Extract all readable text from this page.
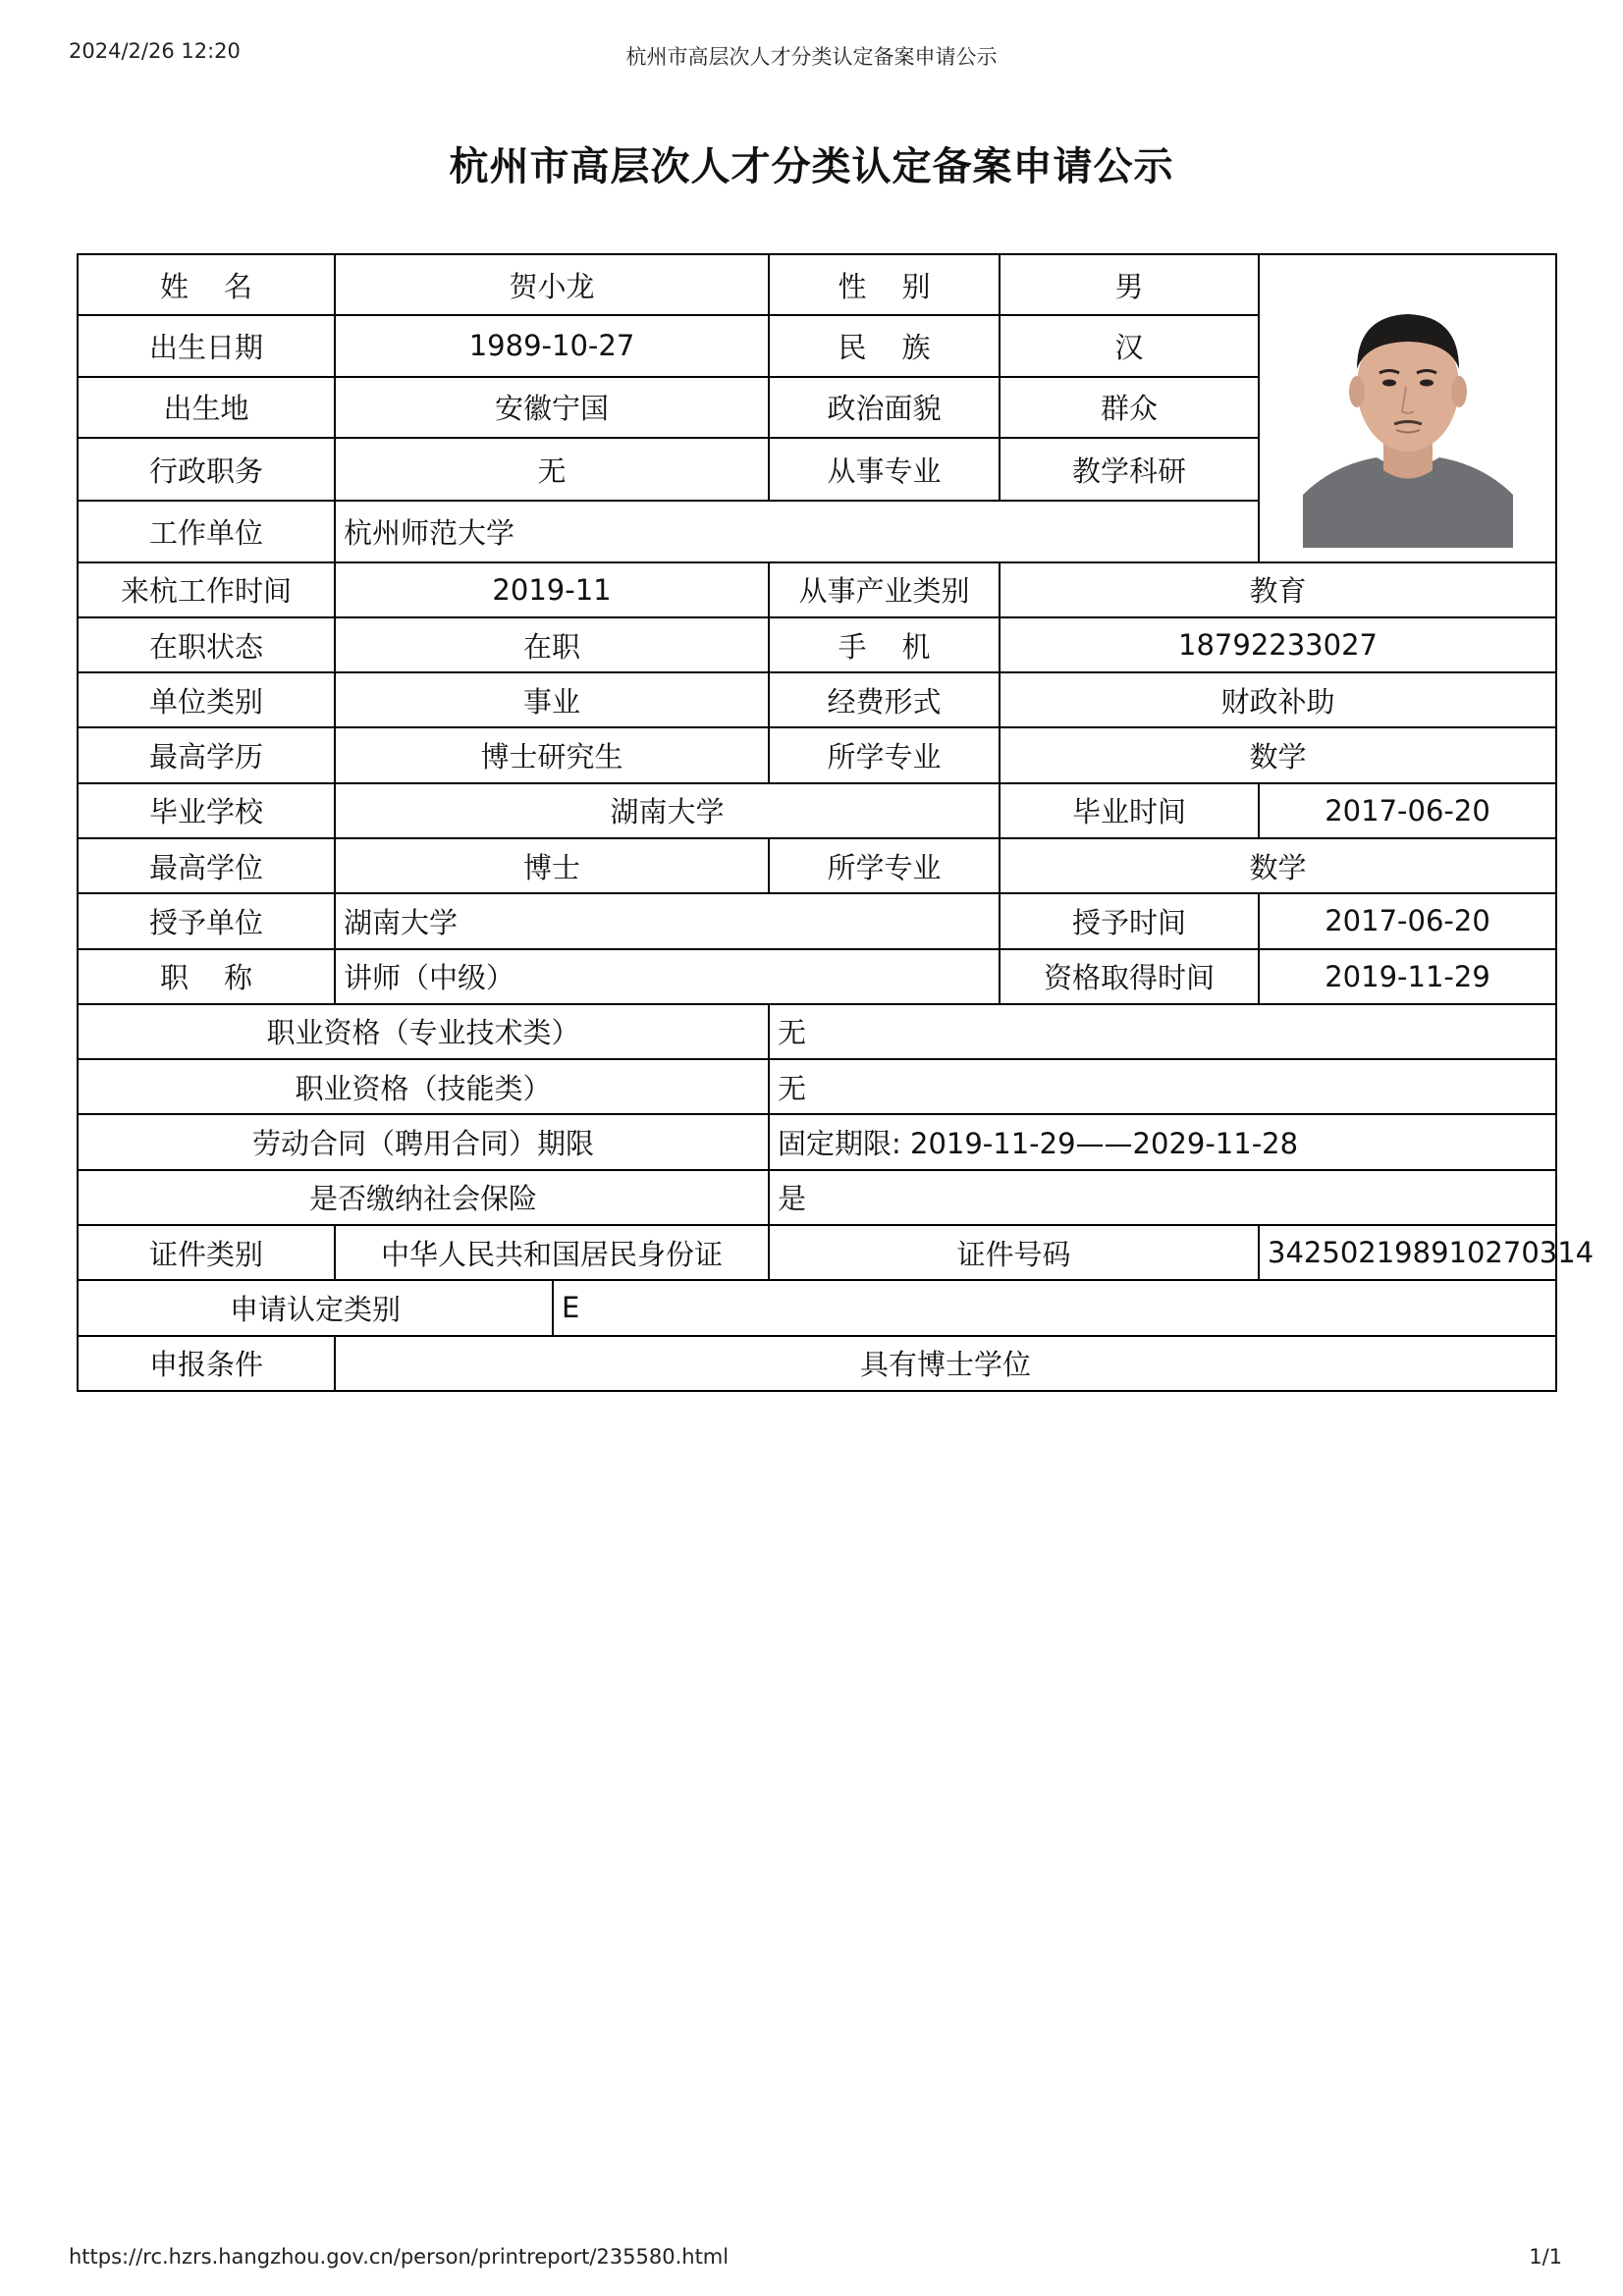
2024/2/26 12:20	杭州市高层次人才分类认定备案申请公示
杭州市高层次人才分类认定备案申请公示
姓名	贺小龙		性别	男	

出生日期	1989-10-27		民族	汉	
出生地	安徽宁国		政治面貌	群众	
行政职务	无		从事专业	教学科研	
工作单位	杭州师范大学				
来杭工作时间	2019-11		从事产业类别	教育	
在职状态	在职		手机	18792233027	
单位类别	事业		经费形式	财政补助	
最高学历	博士研究生		所学专业	数学	
毕业学校	湖南大学			毕业时间	2017-06-20
最高学位	博士		所学专业	数学	
授予单位	湖南大学			授予时间	2017-06-20
职称	讲师（中级）			资格取得时间	2019-11-29
职业资格（专业技术类）			无		
职业资格（技能类）			无		
劳动合同（聘用合同）期限			固定期限: 2019-11-29——2029-11-28		
是否缴纳社会保险			是		
证件类别	中华人民共和国居民身份证		证件号码		342502198910270314
申请认定类别		E			
申报条件	具有博士学位				
https://rc.hzrs.hangzhou.gov.cn/person/printreport/235580.html	1/1
